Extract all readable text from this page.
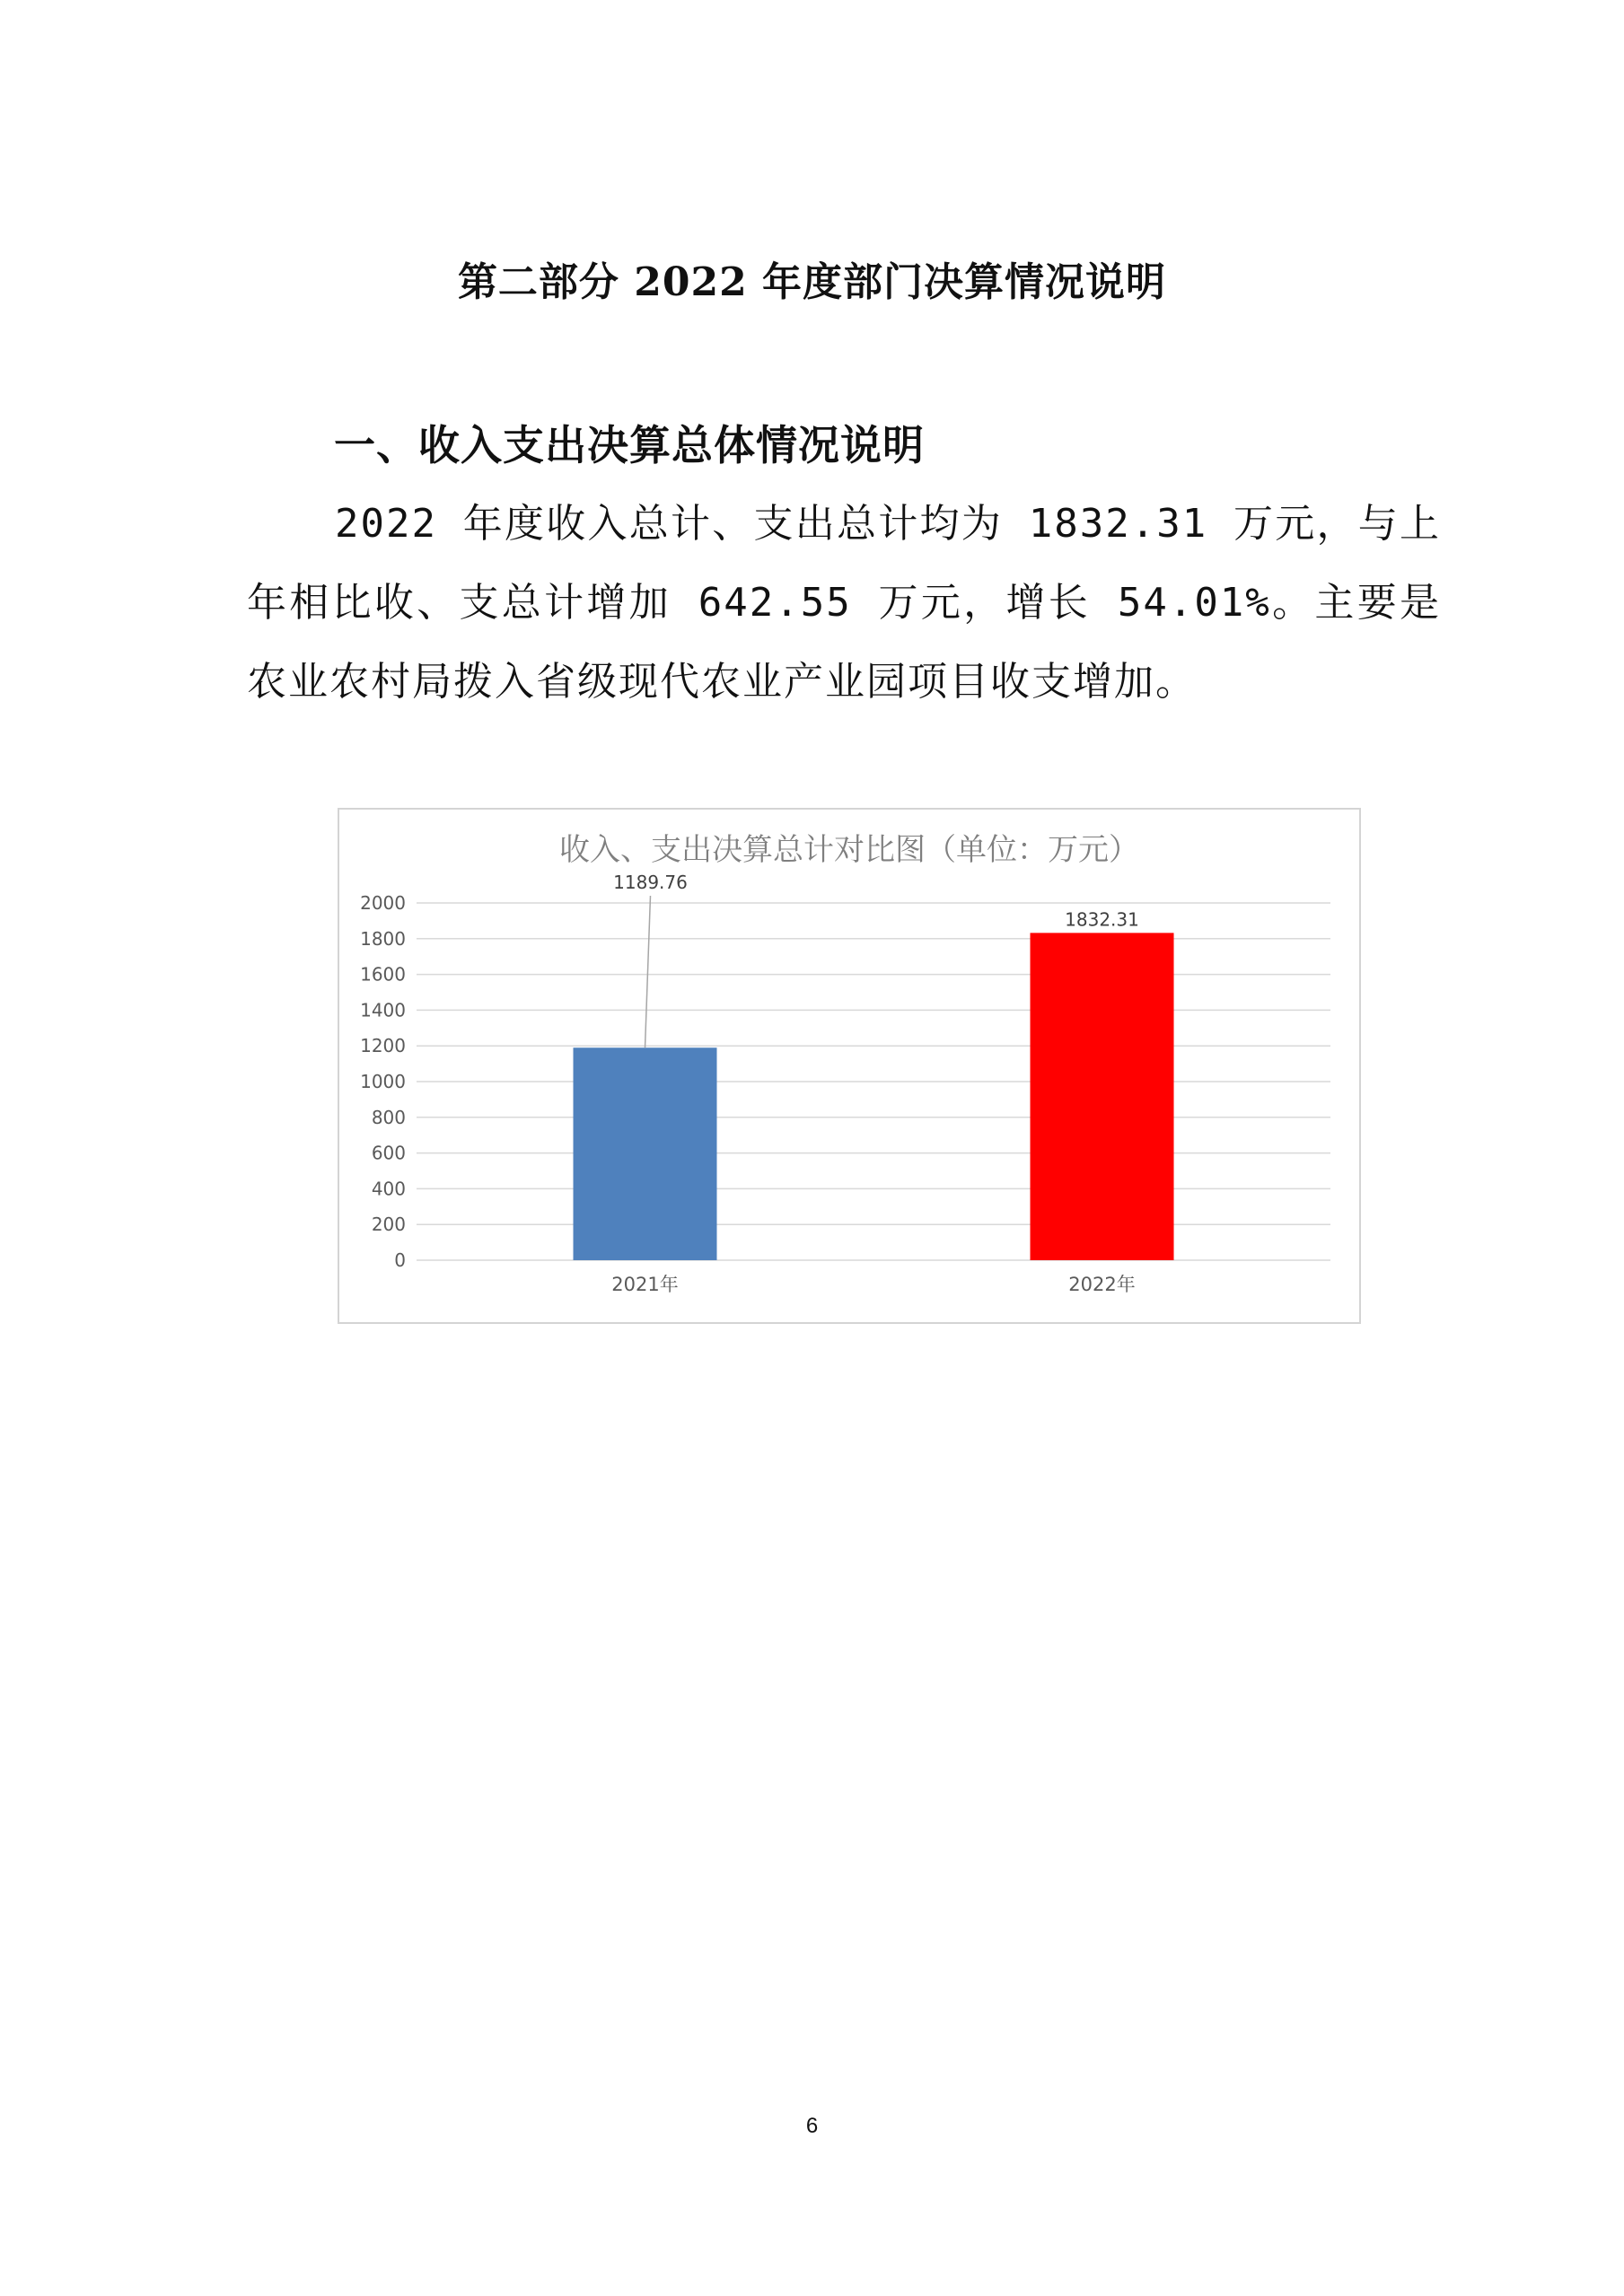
第二部分 2022 年度部门决算情况说明
一、收入支出决算总体情况说明
2022 年度收入总计、支出总计均为 1832.31 万元，与上年相比收、支总计增加 642.55 万元，增长 54.01%。主要是农业农村局拨入省级现代农业产业园项目收支增加。
收入、支出决算总计对比图（单位：万元）
0
200
400
600
800
1000
1200
1400
1600
1800
2000
2021年
1189.76
2022年
1832.31
6
